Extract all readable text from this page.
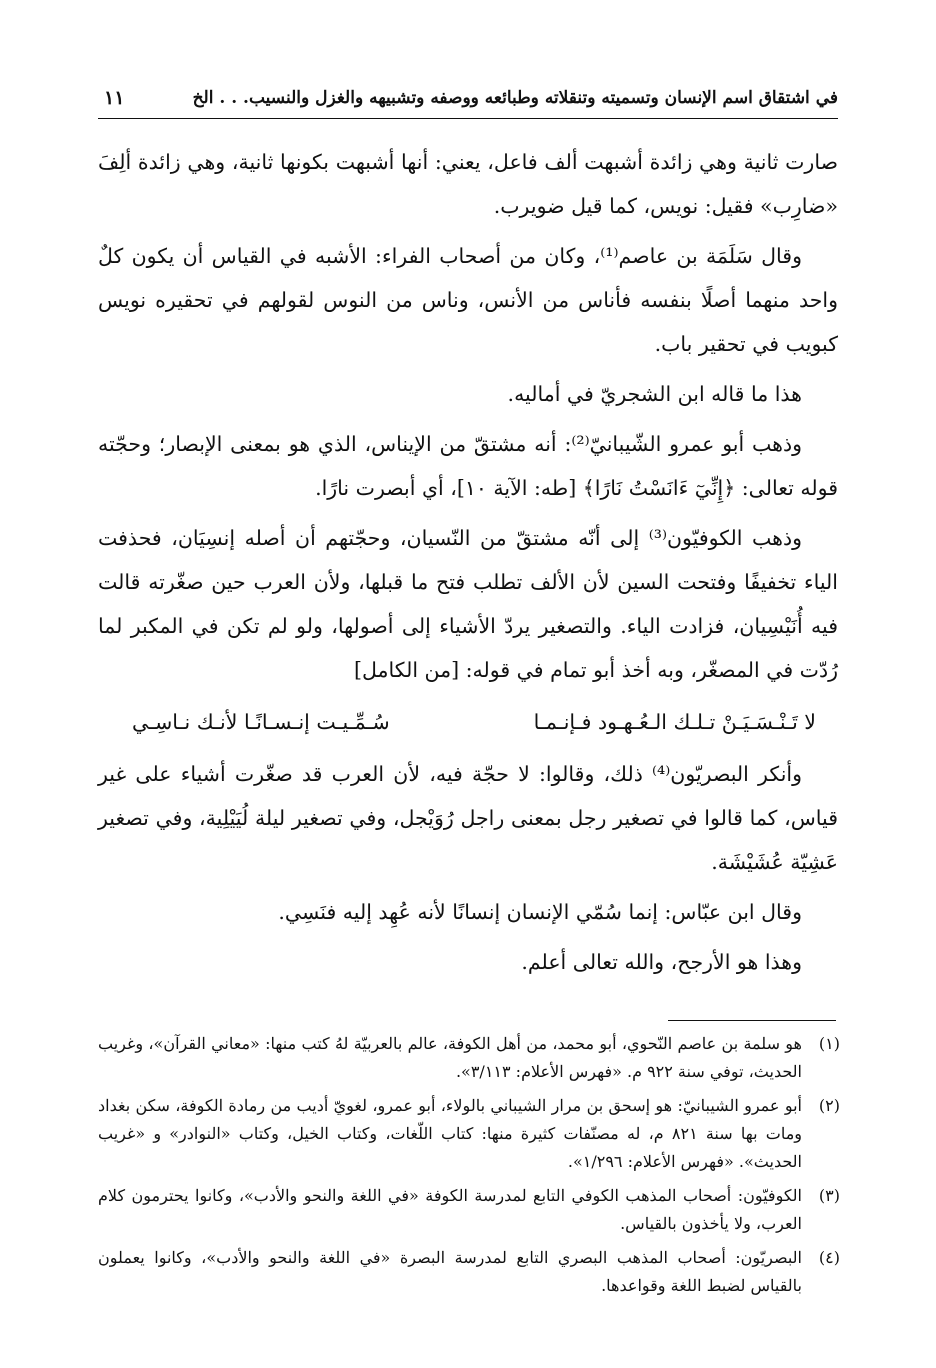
في اشتقاق اسم الإنسان وتسميته وتنقلاته وطبائعه ووصفه وتشبيهه والغزل والنسيب. . . الخ
١١

صارت ثانية وهي زائدة أشبهت ألف فاعل، يعني: أنها أشبهت بكونها ثانية، وهي زائدة ألِفَ «ضارِب» فقيل: نويس، كما قيل ضويرب.

وقال سَلَمَة بن عاصم⁽¹⁾، وكان من أصحاب الفراء: الأشبه في القياس أن يكون كلٌ واحد منهما أصلًا بنفسه فأناس من الأنس، وناس من النوس لقولهم في تحقيره نويس كبويب في تحقير باب.

هذا ما قاله ابن الشجريّ في أماليه.

وذهب أبو عمرو الشّيبانيّ⁽²⁾: أنه مشتقّ من الإيناس، الذي هو بمعنى الإبصار؛ وحجّته قوله تعالى: ﴿إِنِّيٓ ءَانَسْتُ نَارًا﴾ [طه: الآية ١٠]، أي أبصرت نارًا.

وذهب الكوفيّون⁽³⁾ إلى أنّه مشتقّ من النّسيان، وحجّتهم أن أصله إنسِيَان، فحذفت الياء تخفيفًا وفتحت السين لأن الألف تطلب فتح ما قبلها، ولأن العرب حين صغّرته قالت فيه أُنَيْسِيان، فزادت الياء. والتصغير يردّ الأشياء إلى أصولها، ولو لم تكن في المكبر لما رُدّت في المصغّر، وبه أخذ أبو تمام في قوله: [من الكامل]

لا تَـنْـسَـيَـنْ تـلـك الـعُـهـود فـإنـمـا
سُـمِّـيـت إنـسـانًـا لأنـك نـاسِـي

وأنكر البصريّون⁽⁴⁾ ذلك، وقالوا: لا حجّة فيه، لأن العرب قد صغّرت أشياء على غير قياس، كما قالوا في تصغير رجل بمعنى راجل رُوَيْجل، وفي تصغير ليلة لُيَيْلِية، وفي تصغير عَشِيّة عُشَيْشَة.

وقال ابن عبّاس: إنما سُمّي الإنسان إنسانًا لأنه عُهِد إليه فنَسِي.

وهذا هو الأرجح، والله تعالى أعلم.

(١)
هو سلمة بن عاصم النّحوي، أبو محمد، من أهل الكوفة، عالم بالعربيّة لهُ كتب منها: «معاني القرآن»، وغريب الحديث، توفي سنة ٩٢٢ م. «فهرس الأعلام: ٣/١١٣».
(٢)
أبو عمرو الشيبانيّ: هو إسحق بن مرار الشيباني بالولاء، أبو عمرو، لغويّ أديب من رمادة الكوفة، سكن بغداد ومات بها سنة ٨٢١ م، له مصنّفات كثيرة منها: كتاب اللّغات، وكتاب الخيل، وكتاب «النوادر» و «غريب الحديث». «فهرس الأعلام: ١/٢٩٦».
(٣)
الكوفيّون: أصحاب المذهب الكوفي التابع لمدرسة الكوفة «في اللغة والنحو والأدب»، وكانوا يحترمون كلام العرب، ولا يأخذون بالقياس.
(٤)
البصريّون: أصحاب المذهب البصري التابع لمدرسة البصرة «في اللغة والنحو والأدب»، وكانوا يعملون بالقياس لضبط اللغة وقواعدها.
